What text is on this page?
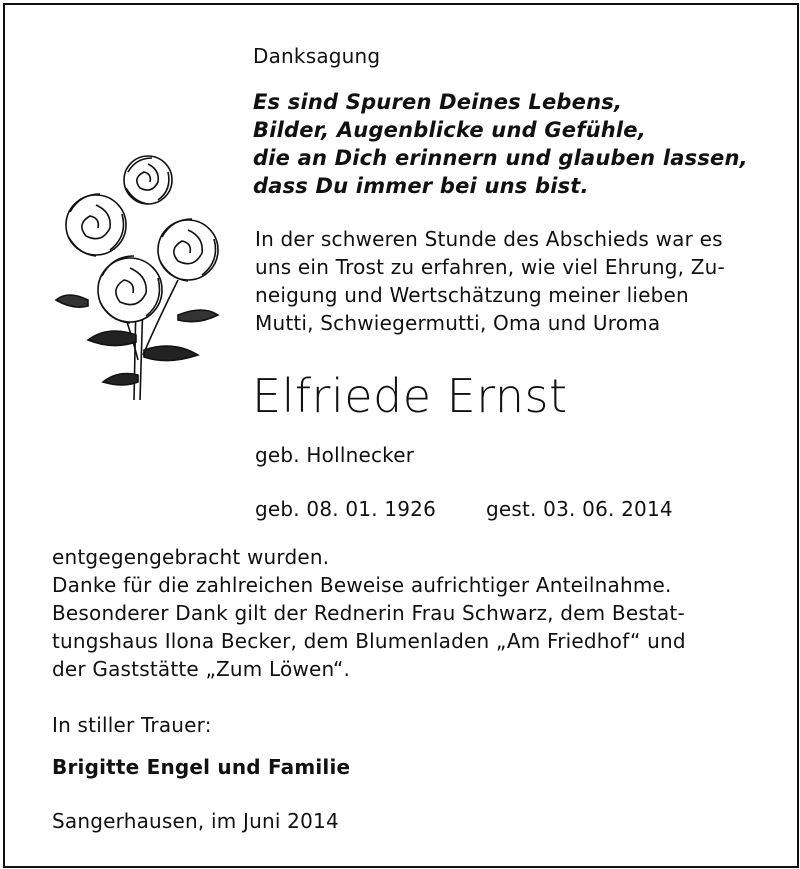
Danksagung
Es sind Spuren Deines Lebens,
Bilder, Augenblicke und Gefühle,
die an Dich erinnern und glauben lassen,
dass Du immer bei uns bist.
In der schweren Stunde des Abschieds war es
uns ein Trost zu erfahren, wie viel Ehrung, Zu-
neigung und Wertschätzung meiner lieben
Mutti, Schwiegermutti, Oma und Uroma
Elfriede Ernst
geb. Hollnecker
geb. 08. 01. 1926 gest. 03. 06. 2014
entgegengebracht wurden.
Danke für die zahlreichen Beweise aufrichtiger Anteilnahme.
Besonderer Dank gilt der Rednerin Frau Schwarz, dem Bestat-
tungshaus Ilona Becker, dem Blumenladen „Am Friedhof“ und
der Gaststätte „Zum Löwen“.
In stiller Trauer:
Brigitte Engel und Familie
Sangerhausen, im Juni 2014
